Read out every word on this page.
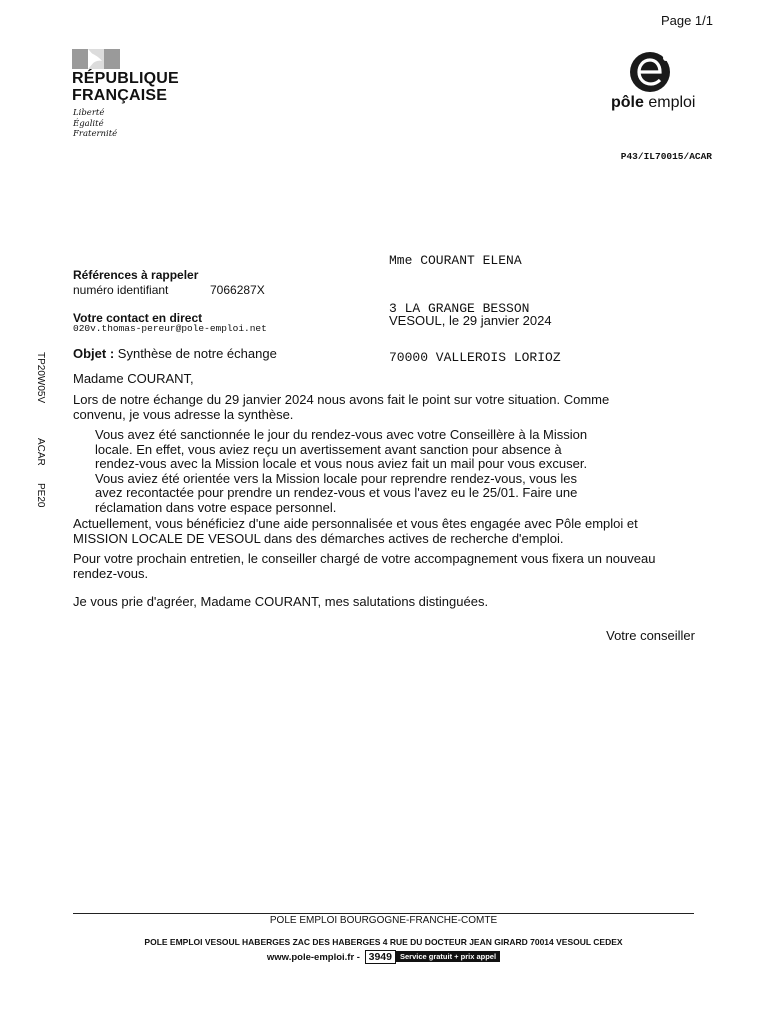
Page 1/1
RÉPUBLIQUE
FRANÇAISE
Liberté
Égalité
Fraternité
pôle emploi
P43/IL70015/ACAR

Mme COURANT ELENA

3 LA GRANGE BESSON

70000 VALLEROIS LORIOZ

Références à rappeler
numéro identifiant	7066287X
Votre contact en direct
020v.thomas-pereur@pole-emploi.net
VESOUL, le 29 janvier 2024
TP20W05V
ACAR
PE20
Objet : Synthèse de notre échange
Madame COURANT,
Lors de notre échange du 29 janvier 2024 nous avons fait le point sur votre situation. Comme convenu, je vous adresse la synthèse.
Vous avez été sanctionnée le jour du rendez-vous avec votre Conseillère à la Mission locale. En effet, vous aviez reçu un avertissement avant sanction pour absence à rendez-vous avec la Mission locale et vous nous aviez fait un mail pour vous excuser. Vous aviez été orientée vers la Mission locale pour reprendre rendez-vous, vous les avez recontactée pour prendre un rendez-vous et vous l'avez eu le 25/01. Faire une réclamation dans votre espace personnel.
Actuellement, vous bénéficiez d'une aide personnalisée et vous êtes engagée avec Pôle emploi et MISSION LOCALE DE VESOUL dans des démarches actives de recherche d'emploi.
Pour votre prochain entretien, le conseiller chargé de votre accompagnement vous fixera un nouveau rendez-vous.
Je vous prie d'agréer, Madame COURANT, mes salutations distinguées.
Votre conseiller
POLE EMPLOI BOURGOGNE-FRANCHE-COMTE
POLE EMPLOI VESOUL HABERGES ZAC DES HABERGES 4 RUE DU DOCTEUR JEAN GIRARD 70014 VESOUL CEDEX
www.pole-emploi.fr - 3949 Service gratuit + prix appel
